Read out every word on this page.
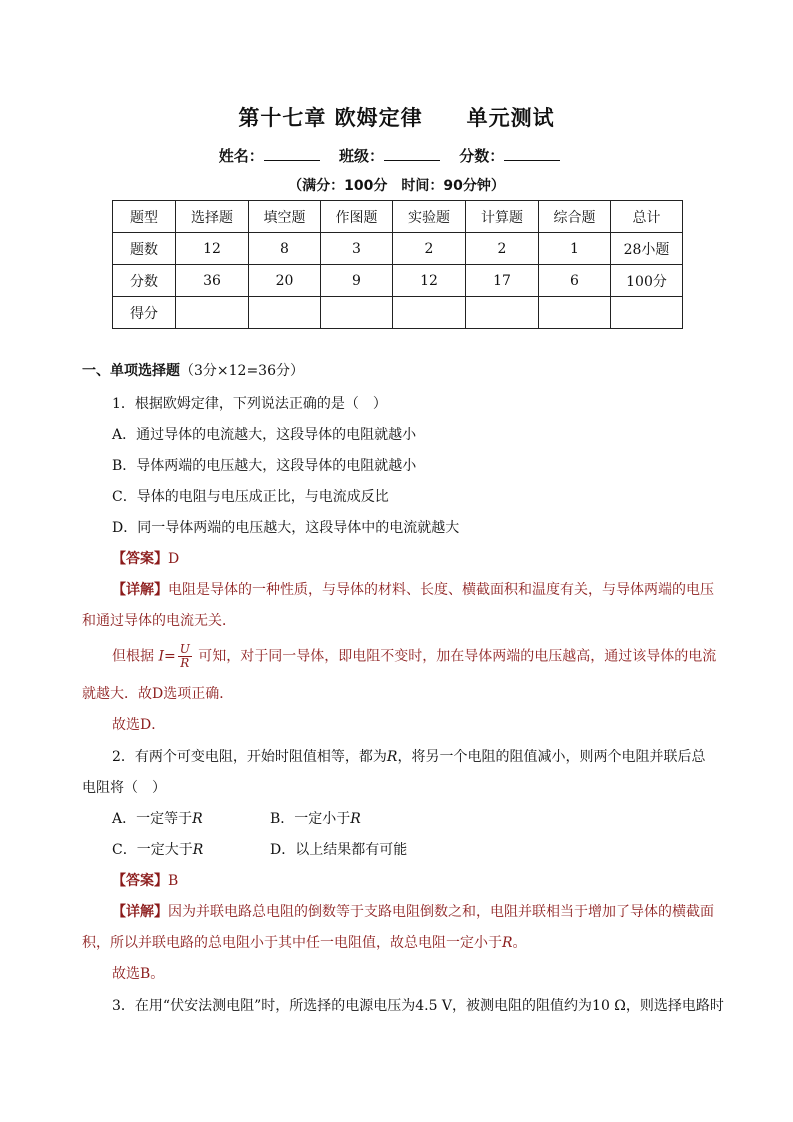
第十七章 欧姆定律　　单元测试
姓名：	班级：	分数：
（满分：100分　时间：90分钟）
题型	选择题	填空题	作图题	实验题	计算题	综合题	总计
题数	12	8	3	2	2	1	28小题
分数	36	20	9	12	17	6	100分
得分							
一、单项选择题（3分×12=36分）
1．根据欧姆定律，下列说法正确的是（　）
A．通过导体的电流越大，这段导体的电阻就越小
B．导体两端的电压越大，这段导体的电阻就越小
C．导体的电阻与电压成正比，与电流成反比
D．同一导体两端的电压越大，这段导体中的电流就越大
【答案】D
【详解】电阻是导体的一种性质，与导体的材料、长度、横截面积和温度有关，与导体两端的电压
和通过导体的电流无关．
但根据 $I= \frac{U}{R}$ 可知，对于同一导体，即电阻不变时，加在导体两端的电压越高，通过该导体的电流
就越大．故D选项正确．
故选D．
2．有两个可变电阻，开始时阻值相等，都为R，将另一个电阻的阻值减小，则两个电阻并联后总
电阻将（　）
A．一定等于R	B．一定小于R
C．一定大于R	D．以上结果都有可能
【答案】B
【详解】因为并联电路总电阻的倒数等于支路电阻倒数之和，电阻并联相当于增加了导体的横截面
积，所以并联电路的总电阻小于其中任一电阻值，故总电阻一定小于R。
故选B。
3．在用“伏安法测电阻”时，所选择的电源电压为4.5 V，被测电阻的阻值约为10 Ω，则选择电路时
